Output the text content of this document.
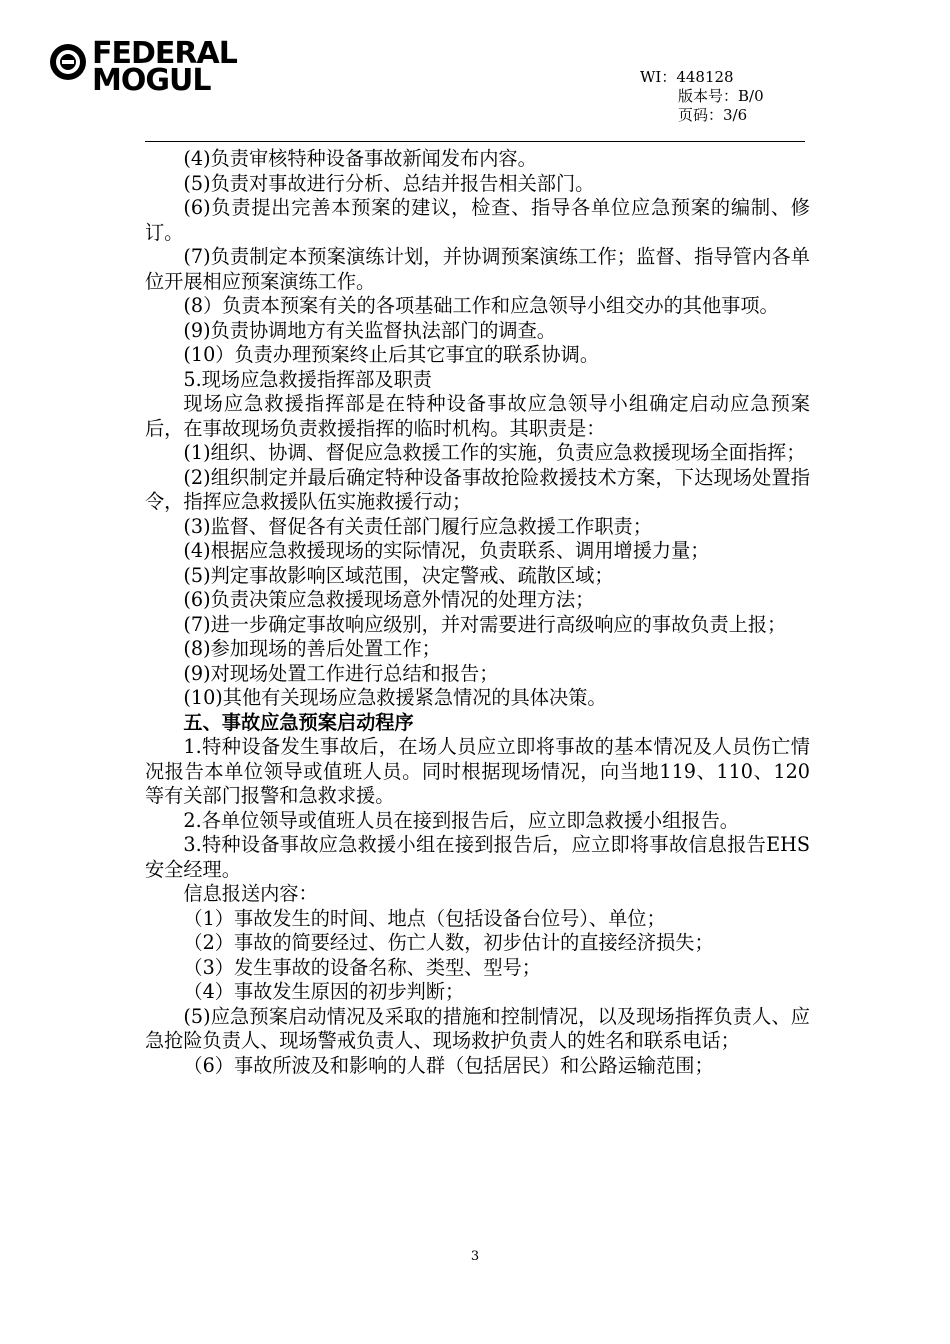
FEDERAL
MOGUL	WI：448128
版本号：B/0
页码：3/6

(4)负责审核特种设备事故新闻发布内容。

(5)负责对事故进行分析、总结并报告相关部门。

(6)负责提出完善本预案的建议，检查、指导各单位应急预案的编制、修订。

(7)负责制定本预案演练计划，并协调预案演练工作；监督、指导管内各单位开展相应预案演练工作。

(8）负责本预案有关的各项基础工作和应急领导小组交办的其他事项。

(9)负责协调地方有关监督执法部门的调查。

(10）负责办理预案终止后其它事宜的联系协调。

5.现场应急救援指挥部及职责

现场应急救援指挥部是在特种设备事故应急领导小组确定启动应急预案后，在事故现场负责救援指挥的临时机构。其职责是：

(1)组织、协调、督促应急救援工作的实施，负责应急救援现场全面指挥；

(2)组织制定并最后确定特种设备事故抢险救援技术方案，下达现场处置指令，指挥应急救援队伍实施救援行动；

(3)监督、督促各有关责任部门履行应急救援工作职责；

(4)根据应急救援现场的实际情况，负责联系、调用增援力量；

(5)判定事故影响区域范围，决定警戒、疏散区域；

(6)负责决策应急救援现场意外情况的处理方法；

(7)进一步确定事故响应级别，并对需要进行高级响应的事故负责上报；

(8)参加现场的善后处置工作；

(9)对现场处置工作进行总结和报告；

(10)其他有关现场应急救援紧急情况的具体决策。

五、事故应急预案启动程序

1.特种设备发生事故后，在场人员应立即将事故的基本情况及人员伤亡情况报告本单位领导或值班人员。同时根据现场情况，向当地119、110、120等有关部门报警和急救求援。

2.各单位领导或值班人员在接到报告后，应立即急救援小组报告。

3.特种设备事故应急救援小组在接到报告后，应立即将事故信息报告EHS安全经理。

信息报送内容：

（1）事故发生的时间、地点（包括设备台位号）、单位；

（2）事故的简要经过、伤亡人数，初步估计的直接经济损失；

（3）发生事故的设备名称、类型、型号；

（4）事故发生原因的初步判断；

(5)应急预案启动情况及采取的措施和控制情况，以及现场指挥负责人、应急抢险负责人、现场警戒负责人、现场救护负责人的姓名和联系电话；

（6）事故所波及和影响的人群（包括居民）和公路运输范围；

3
